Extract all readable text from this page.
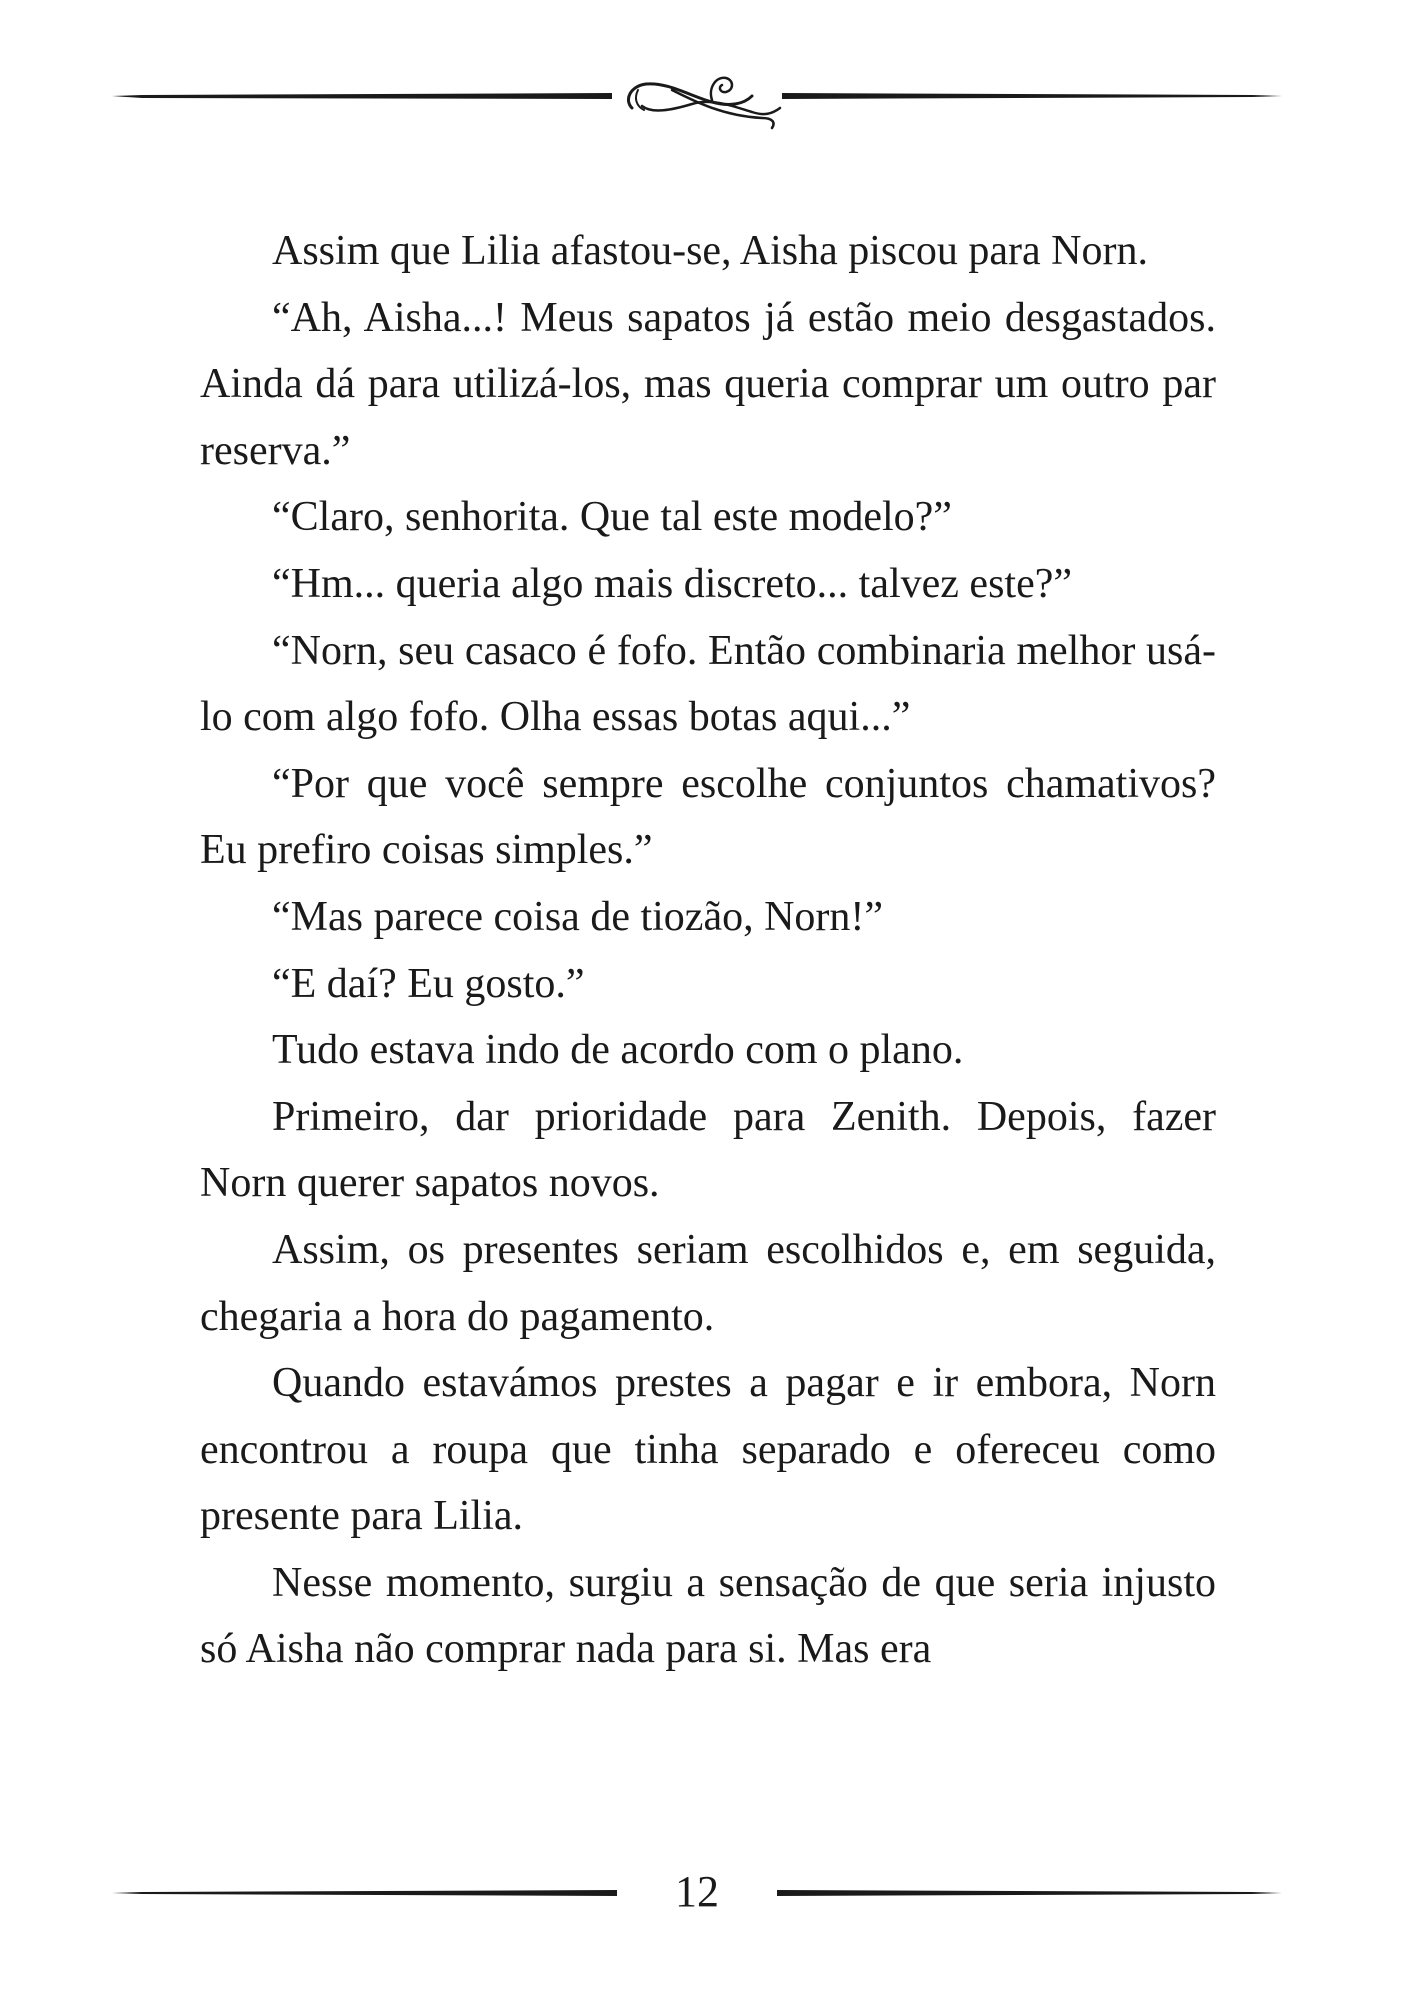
Assim que Lilia afastou-se, Aisha piscou para Norn.

“Ah, Aisha...! Meus sapatos já estão meio desgastados. Ainda dá para utilizá-los, mas queria comprar um outro par reserva.”

“Claro, senhorita. Que tal este modelo?”

“Hm... queria algo mais discreto... talvez este?”

“Norn, seu casaco é fofo. Então combinaria melhor usá-lo com algo fofo. Olha essas botas aqui...”

“Por que você sempre escolhe conjuntos chamativos? Eu prefiro coisas simples.”

“Mas parece coisa de tiozão, Norn!”

“E daí? Eu gosto.”

Tudo estava indo de acordo com o plano.

Primeiro, dar prioridade para Zenith. Depois, fazer Norn querer sapatos novos.

Assim, os presentes seriam escolhidos e, em seguida, chegaria a hora do pagamento.

Quando estavámos prestes a pagar e ir embora, Norn encontrou a roupa que tinha separado e ofereceu como presente para Lilia.

Nesse momento, surgiu a sensação de que seria injusto só Aisha não comprar nada para si. Mas era

12
